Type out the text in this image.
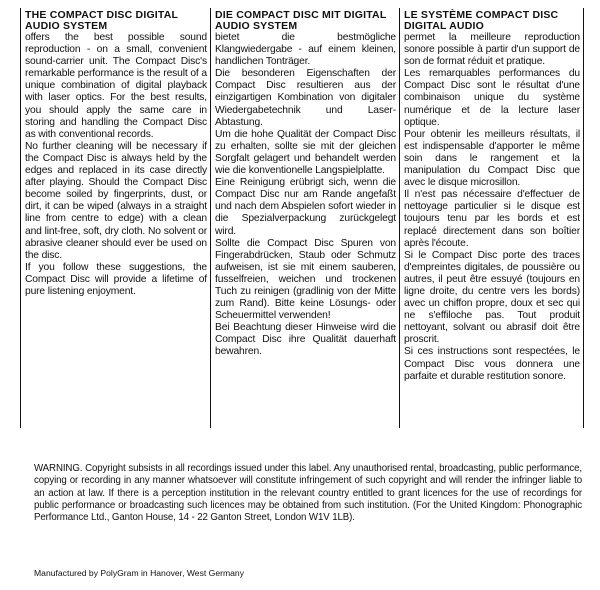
THE COMPACT DISC DIGITAL AUDIO SYSTEM

offers the best possible sound reproduction - on a small, convenient sound-carrier unit. The Compact Disc's remarkable performance is the result of a unique combination of digital playback with laser optics. For the best results, you should apply the same care in storing and handling the Compact Disc as with conventional records.

No further cleaning will be necessary if the Compact Disc is always held by the edges and replaced in its case directly after playing. Should the Compact Disc become soiled by fingerprints, dust, or dirt, it can be wiped (always in a straight line from centre to edge) with a clean and lint-free, soft, dry cloth. No solvent or abrasive cleaner should ever be used on the disc.

If you follow these suggestions, the Compact Disc will provide a lifetime of pure listening enjoyment.

DIE COMPACT DISC MIT DIGITAL AUDIO SYSTEM

bietet die bestmögliche Klangwiedergabe - auf einem kleinen, handlichen Tonträger.

Die besonderen Eigenschaften der Compact Disc resultieren aus der einzigartigen Kombination von digitaler Wiedergabetechnik und Laser-Abtastung.

Um die hohe Qualität der Compact Disc zu erhalten, sollte sie mit der gleichen Sorgfalt gelagert und behandelt werden wie die konventionelle Langspielplatte.

Eine Reinigung erübrigt sich, wenn die Compact Disc nur am Rande angefaßt und nach dem Abspielen sofort wieder in die Spezialverpackung zurückgelegt wird.

Sollte die Compact Disc Spuren von Fingerabdrücken, Staub oder Schmutz aufweisen, ist sie mit einem sauberen, fusselfreien, weichen und trockenen Tuch zu reinigen (gradlinig von der Mitte zum Rand). Bitte keine Lösungs- oder Scheuermittel verwenden!

Bei Beachtung dieser Hinweise wird die Compact Disc ihre Qualität dauerhaft bewahren.

LE SYSTÈME COMPACT DISC DIGITAL AUDIO

permet la meilleure reproduction sonore possible à partir d'un support de son de format réduit et pratique.

Les remarquables performances du Compact Disc sont le résultat d'une combinaison unique du système numérique et de la lecture laser optique.

Pour obtenir les meilleurs résultats, il est indispensable d'apporter le même soin dans le rangement et la manipulation du Compact Disc que avec le disque microsillon.

Il n'est pas nécessaire d'effectuer de nettoyage particulier si le disque est toujours tenu par les bords et est replacé directement dans son boîtier après l'écoute.

Si le Compact Disc porte des traces d'empreintes digitales, de poussière ou autres, il peut être essuyé (toujours en ligne droite, du centre vers les bords) avec un chiffon propre, doux et sec qui ne s'effiloche pas. Tout produit nettoyant, solvant ou abrasif doit être proscrit.

Si ces instructions sont respectées, le Compact Disc vous donnera une parfaite et durable restitution sonore.

WARNING. Copyright subsists in all recordings issued under this label. Any unauthorised rental, broadcasting, public performance, copying or recording in any manner whatsoever will constitute infringement of such copyright and will render the infringer liable to an action at law. If there is a perception institution in the relevant country entitled to grant licences for the use of recordings for public performance or broadcasting such licences may be obtained from such institution. (For the United Kingdom: Phonographic Performance Ltd., Ganton House, 14 - 22 Ganton Street, London W1V 1LB).

Manufactured by PolyGram in Hanover, West Germany
